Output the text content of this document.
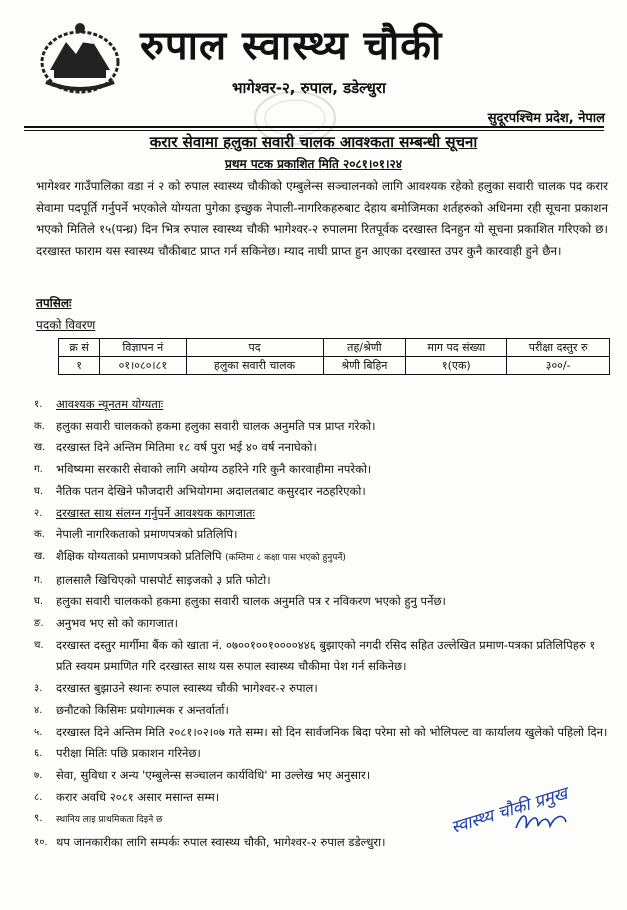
रुपाल स्वास्थ्य चौकी
भागेश्वर-२, रुपाल, डडेल्धुरा
सुदूरपश्चिम प्रदेश, नेपाल
करार सेवामा हलुका सवारी चालक आवश्कता सम्बन्धी सूचना
प्रथम पटक प्रकाशित मिति २०८१।०१।२४
भागेश्वर गाउँपालिका वडा नं २ को रुपाल स्वास्थ्य चौकीको एम्बुलेन्स सञ्चालनको लागि आवश्यक रहेको हलुका सवारी चालक पद करार सेवामा पदपूर्ति गर्नुपर्ने भएकोले योग्यता पुगेका इच्छुक नेपाली-नागरिकहरुबाट देहाय बमोजिमका शर्तहरुको अधिनमा रही सूचना प्रकाशन भएको मितिले १५(पन्ध्र) दिन भित्र रुपाल स्वास्थ्य चौकी भागेश्वर-२ रुपालमा रितपूर्वक दरखास्त दिनहुन यो सूचना प्रकाशित गरिएको छ।दरखास्त फाराम यस स्वास्थ्य चौकीबाट प्राप्त गर्न सकिनेछ। म्याद नाघी प्राप्त हुन आएका दरखास्त उपर कुनै कारवाही हुने छैन।
तपसिलः
पदको विवरण
क्र सं	विज्ञापन नं	पद	तह/श्रेणी	माग पद संख्या	परीक्षा दस्तुर रु
१	०१।०८०।८१	हलुका सवारी चालक	श्रेणी बिहिन	१(एक)	३००/-
१.	आवश्यक न्यूनतम योग्यताः
क. हलुका सवारी चालकको हकमा हलुका सवारी चालक अनुमति पत्र प्राप्त गरेको।
ख. दरखास्त दिने अन्तिम मितिमा १८ वर्ष पुरा भई ४० वर्ष ननाघेको।
ग.	भविष्यमा सरकारी सेवाको लागि अयोग्य ठहरिने गरि कुनै कारवाहीमा नपरेको।
घ.	नैतिक पतन देखिने फौजदारी अभियोगमा अदालतबाट कसुरदार नठहरिएको।
२.	दरखास्त साथ संलग्न गर्नुपर्ने आवश्यक कागजातः
क. नेपाली नागरिकताको प्रमाणपत्रको प्रतिलिपि।
ख. शैक्षिक योग्यताको प्रमाणपत्रको प्रतिलिपि (कम्तिमा ८ कक्षा पास भएको हुनुपर्ने)
ग.	हालसालै खिचिएको पासपोर्ट साइजको ३ प्रति फोटो।
घ.	हलुका सवारी चालकको हकमा हलुका सवारी चालक अनुमति पत्र र नविकरण भएको हुनु पर्नेछ।
ङ.	अनुभव भए सो को कागजात।
च.	दरखास्त दस्तुर मार्गीमा बैंक को खाता नं. ०७००१००१००००४४६ बुझाएको नगदी रसिद सहित उल्लेखित प्रमाण-पत्रका प्रतिलिपिहरु १ प्रति स्वयम प्रमाणित गरि दरखास्त साथ यस रुपाल स्वास्थ्य चौकीमा पेश गर्न सकिनेछ।
३.	दरखास्त बुझाउने स्थानः रुपाल स्वास्थ्य चौकी भागेश्वर-२ रुपाल।
४.	छनौटको किसिमः प्रयोगात्मक र अन्तर्वार्ता।
५.	दरखास्त दिने अन्तिम मिति २०८१।०२।०७ गते सम्म। सो दिन सार्वजनिक बिदा परेमा सो को भोलिपल्ट वा कार्यालय खुलेको पहिलो दिन।
६.	परीक्षा मितिः पछि प्रकाशन गरिनेछ।
७.	सेवा, सुविधा र अन्य 'एम्बुलेन्स सञ्चालन कार्यविधि' मा उल्लेख भए अनुसार।
८.	करार अवधि २०८१ असार मसान्त सम्म।
९.	स्थानिय लाइ प्राथमिकता दिइने छ
१०. थप जानकारीका लागि सम्पर्कः रुपाल स्वास्थ्य चौकी, भागेश्वर-२ रुपाल डडेल्धुरा।
स्वास्थ्य चौकी प्रमुख
